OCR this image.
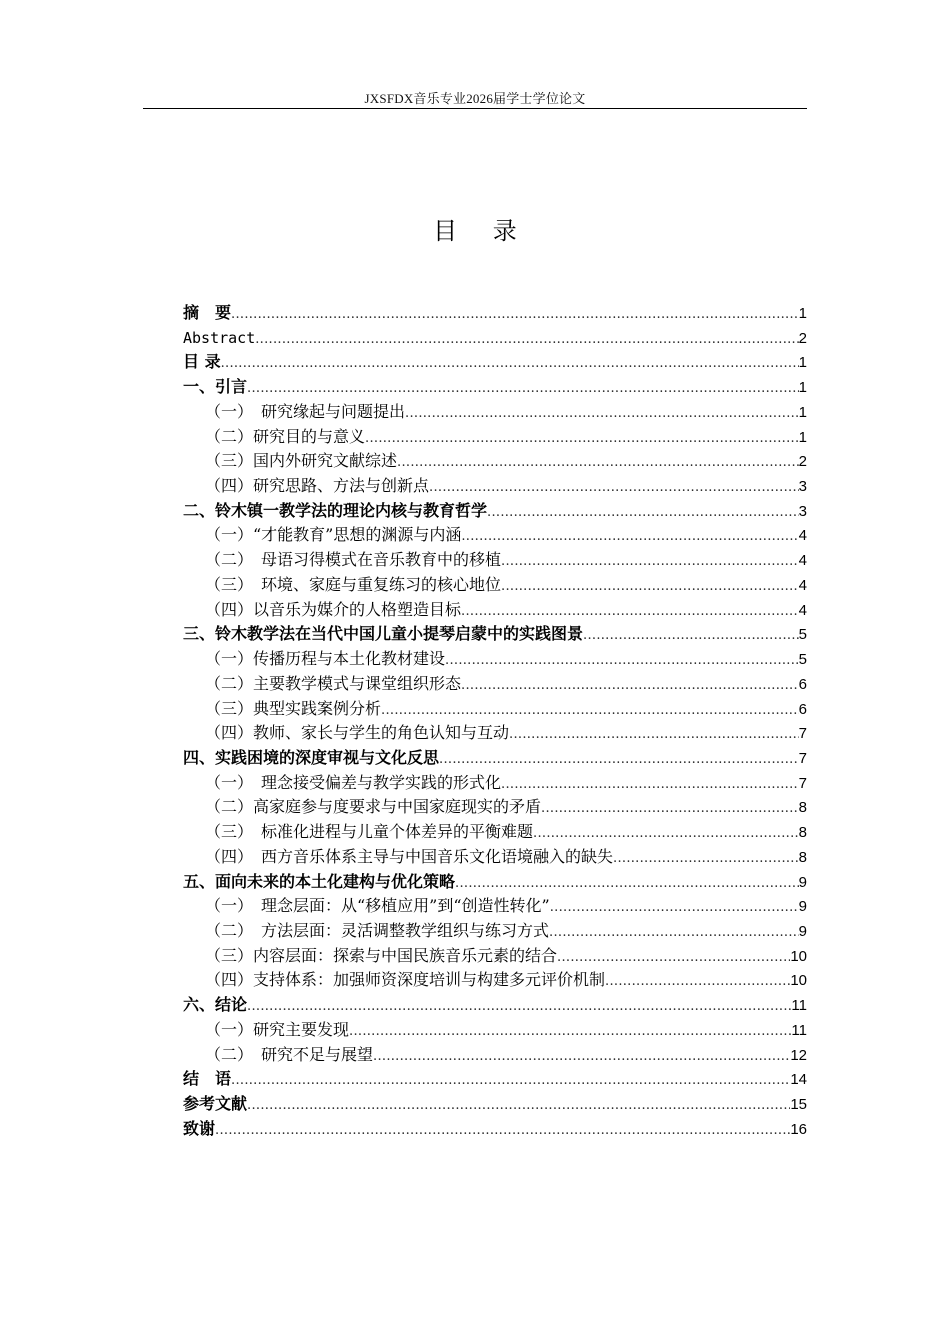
JXSFDX音乐专业2026届学士学位论文
目 录
摘　要 .....	1
Abstract .....	2
目 录 .....	1
一、引言 .....	1
（一）　研究缘起与问题提出 .....	1
（二）研究目的与意义 .....	1
（三）国内外研究文献综述 .....	2
（四）研究思路、方法与创新点 .....	3
二、铃木镇一教学法的理论内核与教育哲学 .....	3
（一）“才能教育”思想的渊源与内涵 .....	4
（二）　母语习得模式在音乐教育中的移植 .....	4
（三）　环境、家庭与重复练习的核心地位 .....	4
（四）以音乐为媒介的人格塑造目标 .....	4
三、铃木教学法在当代中国儿童小提琴启蒙中的实践图景 .....	5
（一）传播历程与本土化教材建设 .....	5
（二）主要教学模式与课堂组织形态 .....	6
（三）典型实践案例分析 .....	6
（四）教师、家长与学生的角色认知与互动 .....	7
四、实践困境的深度审视与文化反思 .....	7
（一）　理念接受偏差与教学实践的形式化 .....	7
（二）高家庭参与度要求与中国家庭现实的矛盾 .....	8
（三）　标准化进程与儿童个体差异的平衡难题 .....	8
（四）　西方音乐体系主导与中国音乐文化语境融入的缺失 .....	8
五、面向未来的本土化建构与优化策略 .....	9
（一）　理念层面：从“移植应用”到“创造性转化” .....	9
（二）　方法层面：灵活调整教学组织与练习方式 .....	9
（三）内容层面：探索与中国民族音乐元素的结合 .....	10
（四）支持体系：加强师资深度培训与构建多元评价机制 .....	10
六、结论 .....	11
（一）研究主要发现 .....	11
（二）　研究不足与展望 .....	12
结　语 .....	14
参考文献 .....	15
致谢 .....	16
